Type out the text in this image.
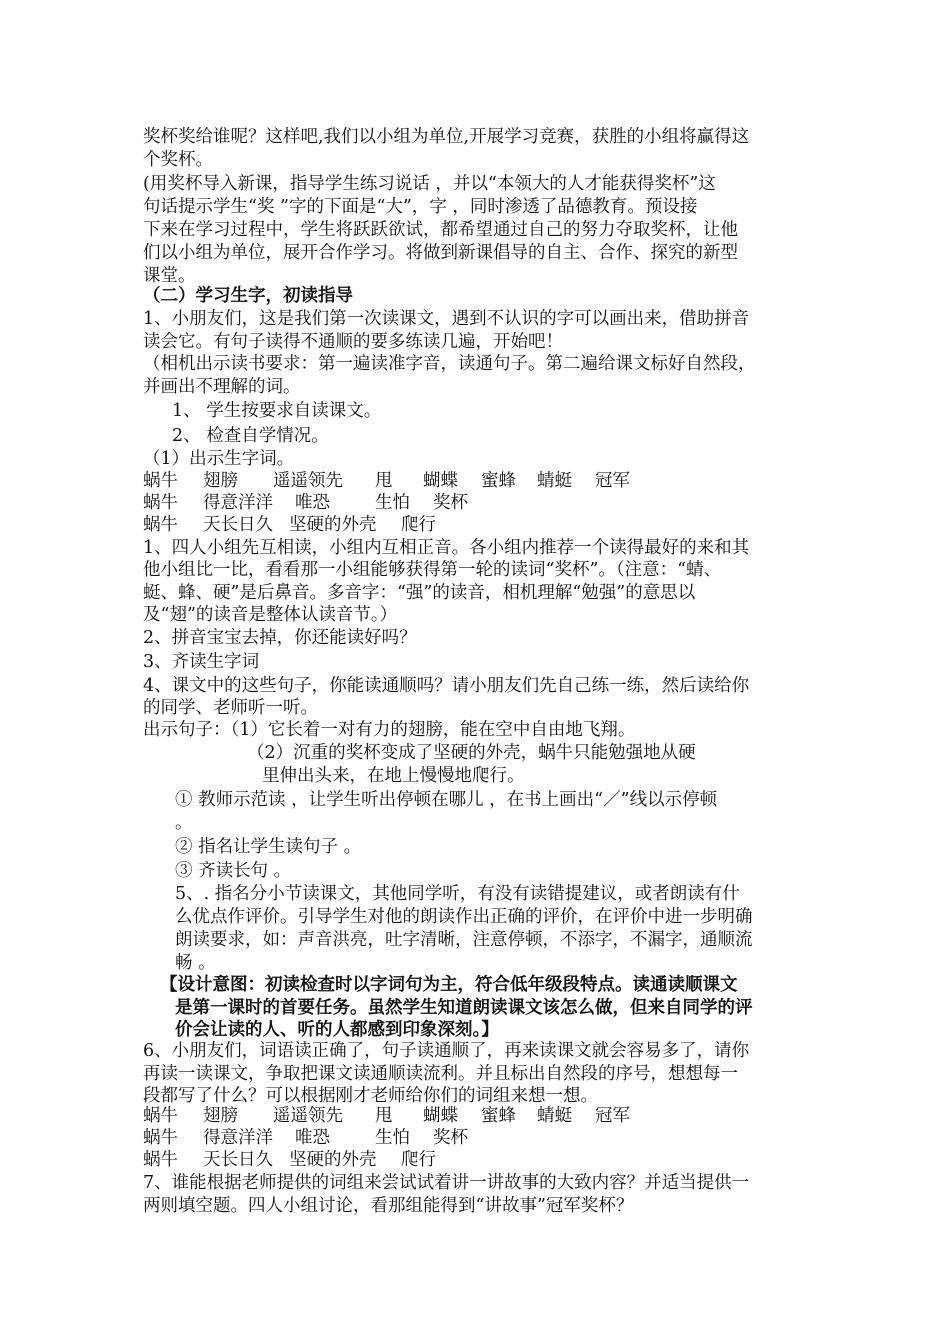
奖杯奖给谁呢？这样吧,我们以小组为单位,开展学习竞赛，获胜的小组将赢得这
个奖杯。
(用奖杯导入新课，指导学生练习说话 ，并以“本领大的人才能获得奖杯”这
句话提示学生“奖 ”字的下面是“大”，字 ，同时渗透了品德教育。预设接
下来在学习过程中，学生将跃跃欲试，都希望通过自己的努力夺取奖杯，让他
们以小组为单位，展开合作学习。将做到新课倡导的自主、合作、探究的新型
课堂。
（二）学习生字，初读指导
1、小朋友们，这是我们第一次读课文，遇到不认识的字可以画出来，借助拼音
读会它。有句子读得不通顺的要多练读几遍，开始吧！
（相机出示读书要求：第一遍读准字音，读通句子。第二遍给课文标好自然段，
并画出不理解的词。
1、 学生按要求自读课文。
2、 检查自学情况。
（1）出示生字词。
蜗牛 翅膀 遥遥领先 甩 蝴蝶 蜜蜂 蜻蜓 冠军
蜗牛 得意洋洋 唯恐	生怕 奖杯
蜗牛 天长日久 坚硬的外壳 爬行
1、四人小组先互相读，小组内互相正音。各小组内推荐一个读得最好的来和其
他小组比一比，看看那一小组能够获得第一轮的读词“奖杯”。（注意：“蜻、
蜓、蜂、硬”是后鼻音。多音字：“强”的读音，相机理解“勉强”的意思以
及“翅”的读音是整体认读音节。）
2、拼音宝宝去掉，你还能读好吗？
3、齐读生字词
4、课文中的这些句子，你能读通顺吗？请小朋友们先自己练一练，然后读给你
的同学、老师听一听。
出示句子：（1）它长着一对有力的翅膀，能在空中自由地飞翔。
（2）沉重的奖杯变成了坚硬的外壳，蜗牛只能勉强地从硬
里伸出头来，在地上慢慢地爬行。
① 教师示范读 ，让学生听出停顿在哪儿 ，在书上画出“／”线以示停顿
。
② 指名让学生读句子 。
③ 齐读长句 。
5、. 指名分小节读课文，其他同学听，有没有读错提建议，或者朗读有什
么优点作评价。引导学生对他的朗读作出正确的评价，在评价中进一步明确
朗读要求，如：声音洪亮，吐字清晰，注意停顿，不添字，不漏字，通顺流
畅 。
【设计意图：初读检查时以字词句为主，符合低年级段特点。读通读顺课文
是第一课时的首要任务。虽然学生知道朗读课文该怎么做，但来自同学的评
价会让读的人、听的人都感到印象深刻。】
6、小朋友们，词语读正确了，句子读通顺了，再来读课文就会容易多了，请你
再读一读课文，争取把课文读通顺读流利。并且标出自然段的序号，想想每一
段都写了什么？可以根据刚才老师给你们的词组来想一想。
蜗牛 翅膀 遥遥领先 甩 蝴蝶 蜜蜂 蜻蜓 冠军
蜗牛 得意洋洋 唯恐	生怕 奖杯
蜗牛 天长日久 坚硬的外壳 爬行
7、谁能根据老师提供的词组来尝试试着讲一讲故事的大致内容？并适当提供一
两则填空题。四人小组讨论，看那组能得到“讲故事”冠军奖杯？
